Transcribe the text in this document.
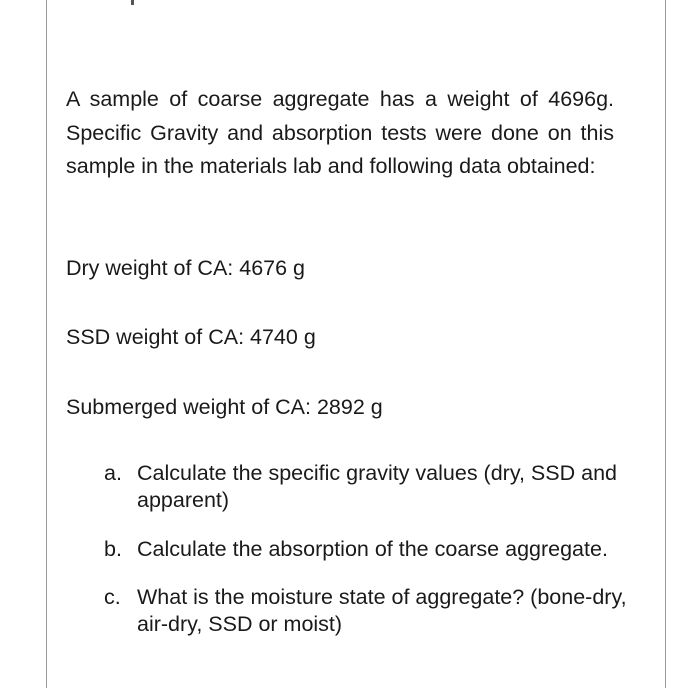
A sample of coarse aggregate has a weight of 4696g. Specific Gravity and absorption tests were done on this sample in the materials lab and following data obtained:

Dry weight of CA: 4676 g

SSD weight of CA: 4740 g

Submerged weight of CA: 2892 g

a. Calculate the specific gravity values (dry, SSD and apparent)
b. Calculate the absorption of the coarse aggregate.
c. What is the moisture state of aggregate? (bone-dry, air-dry, SSD or moist)
